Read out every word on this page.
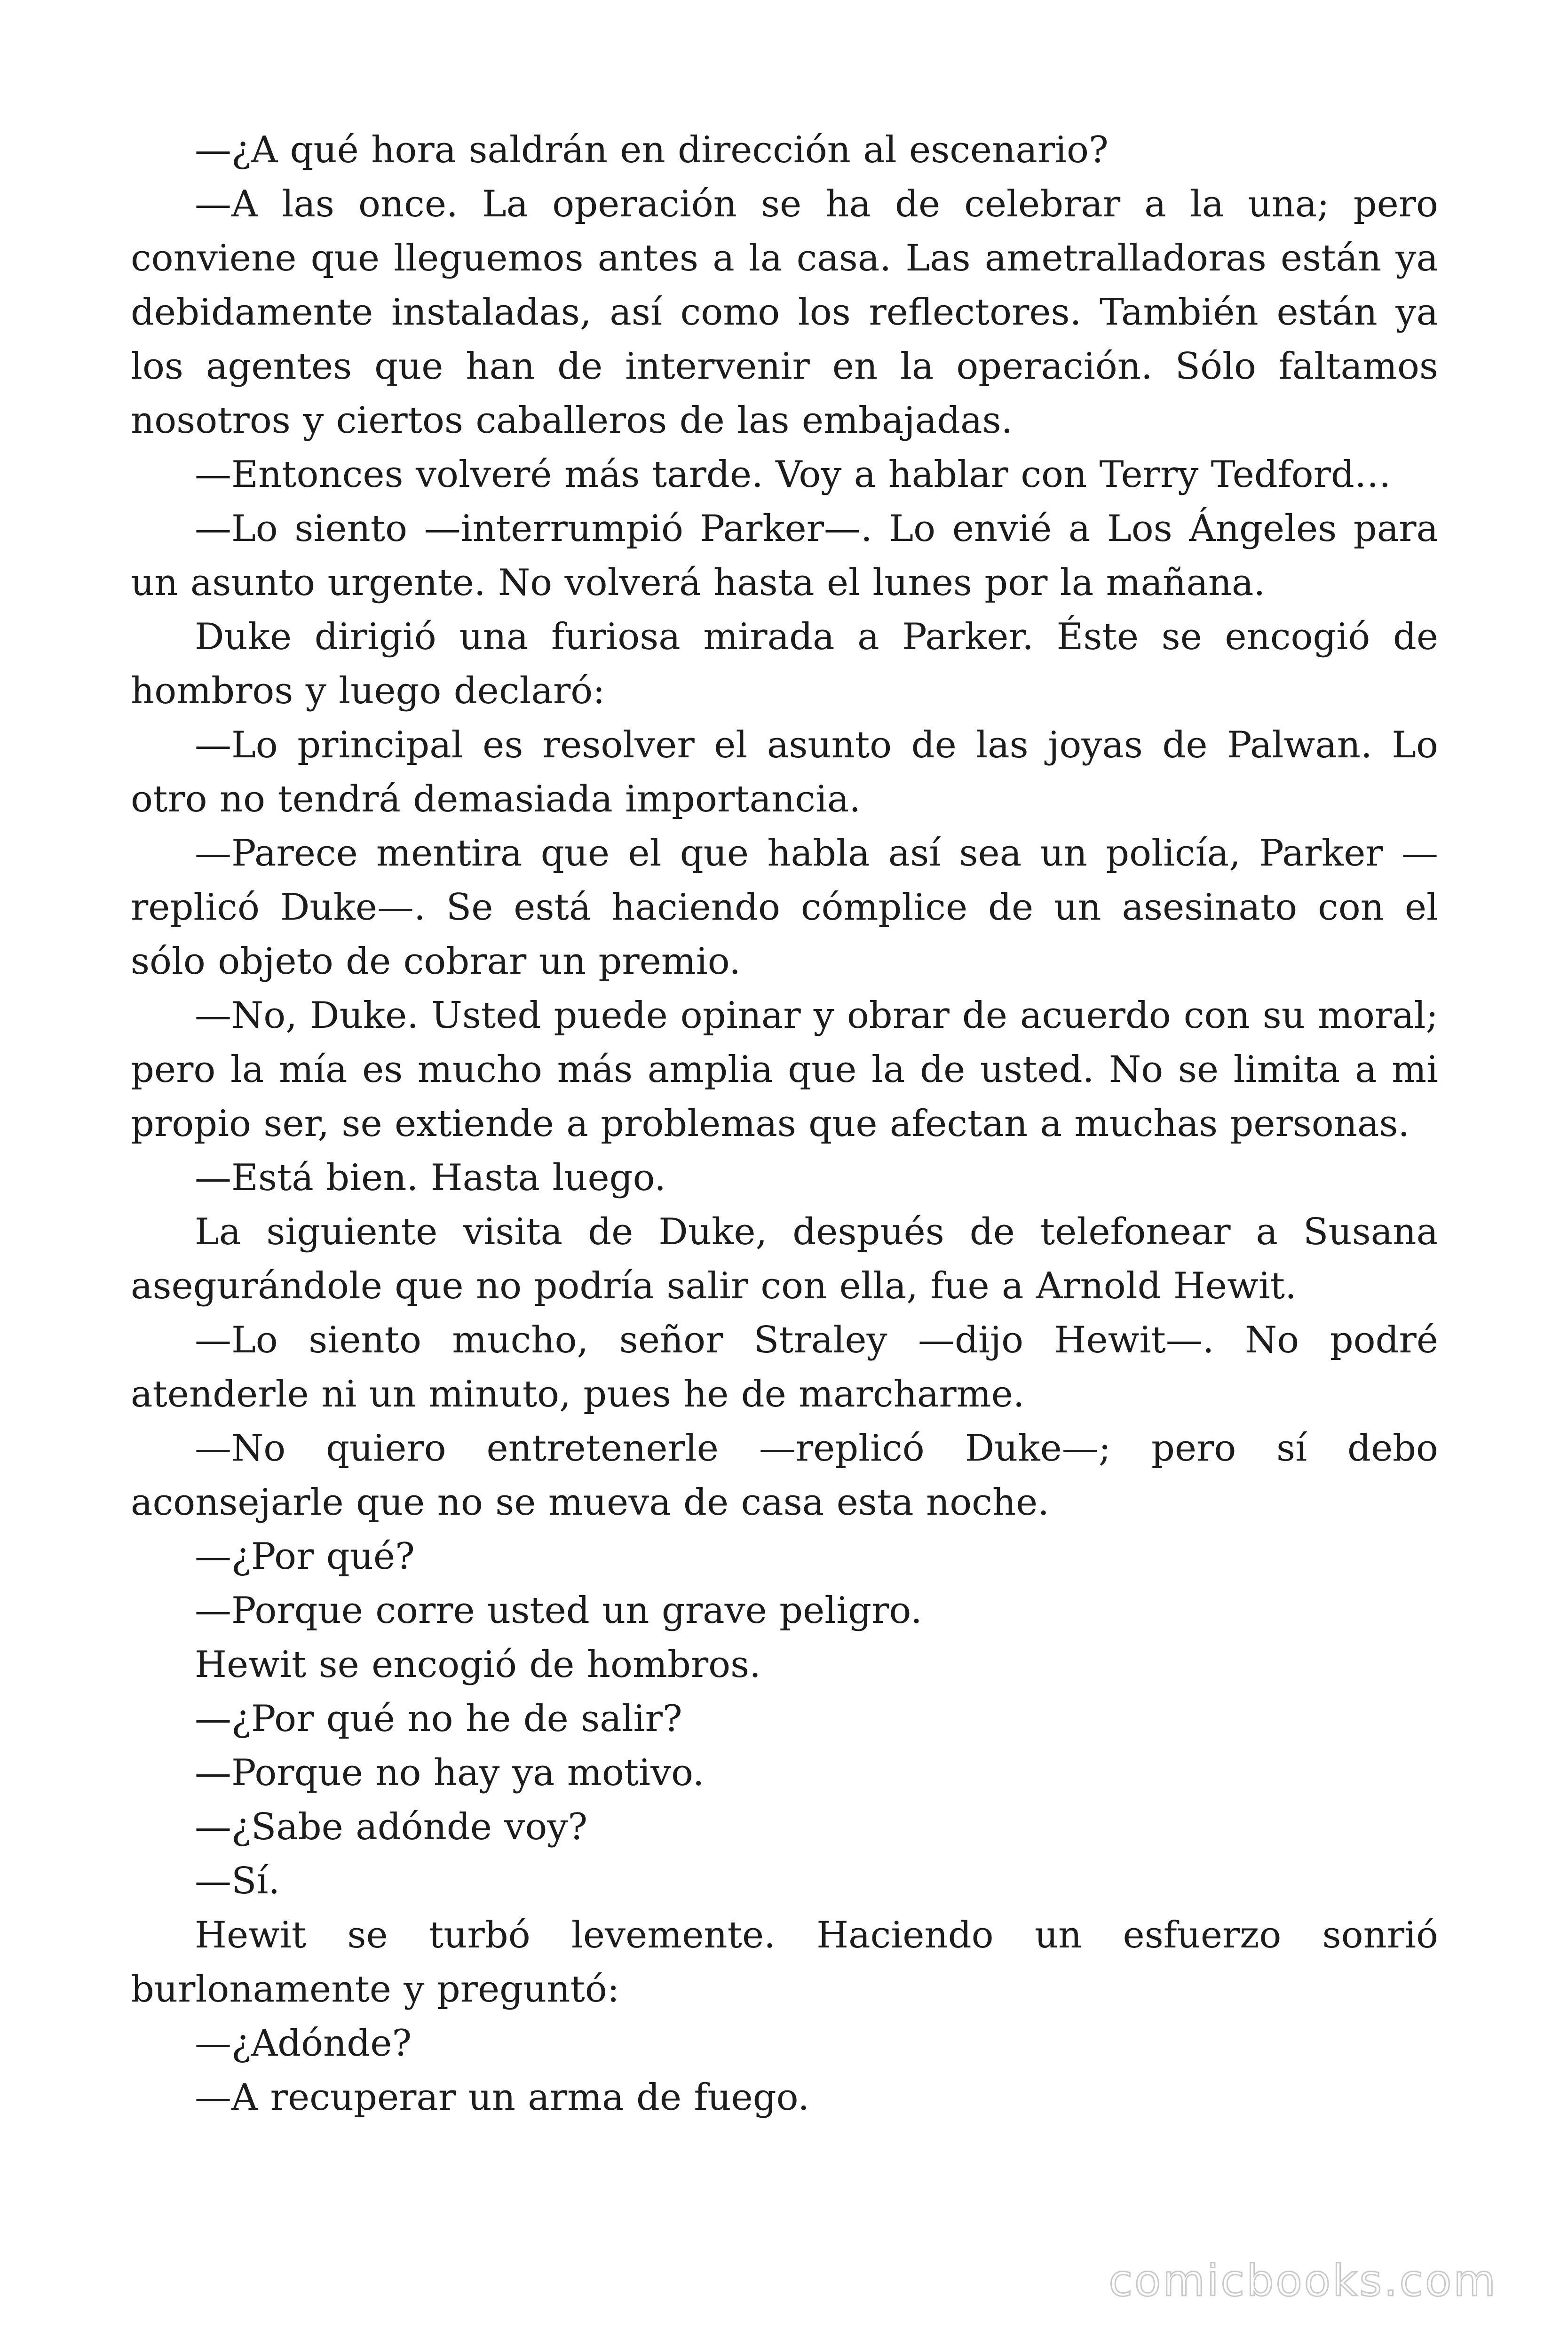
—¿A qué hora saldrán en dirección al escenario?

—A las once. La operación se ha de celebrar a la una; pero conviene que lleguemos antes a la casa. Las ametralladoras están ya debidamente instaladas, así como los reflectores. También están ya los agentes que han de intervenir en la operación. Sólo faltamos nosotros y ciertos caballeros de las embajadas.

—Entonces volveré más tarde. Voy a hablar con Terry Tedford…

—Lo siento —interrumpió Parker—. Lo envié a Los Ángeles para un asunto urgente. No volverá hasta el lunes por la mañana.

Duke dirigió una furiosa mirada a Parker. Éste se encogió de hombros y luego declaró:

—Lo principal es resolver el asunto de las joyas de Palwan. Lo otro no tendrá demasiada importancia.

—Parece mentira que el que habla así sea un policía, Parker —replicó Duke—. Se está haciendo cómplice de un asesinato con el sólo objeto de cobrar un premio.

—No, Duke. Usted puede opinar y obrar de acuerdo con su moral; pero la mía es mucho más amplia que la de usted. No se limita a mi propio ser, se extiende a problemas que afectan a muchas personas.

—Está bien. Hasta luego.

La siguiente visita de Duke, después de telefonear a Susana asegurándole que no podría salir con ella, fue a Arnold Hewit.

—Lo siento mucho, señor Straley —dijo Hewit—. No podré atenderle ni un minuto, pues he de marcharme.

—No quiero entretenerle —replicó Duke—; pero sí debo aconsejarle que no se mueva de casa esta noche.

—¿Por qué?

—Porque corre usted un grave peligro.

Hewit se encogió de hombros.

—¿Por qué no he de salir?

—Porque no hay ya motivo.

—¿Sabe adónde voy?

—Sí.

Hewit se turbó levemente. Haciendo un esfuerzo sonrió burlonamente y preguntó:

—¿Adónde?

—A recuperar un arma de fuego.

comicbooks.com
